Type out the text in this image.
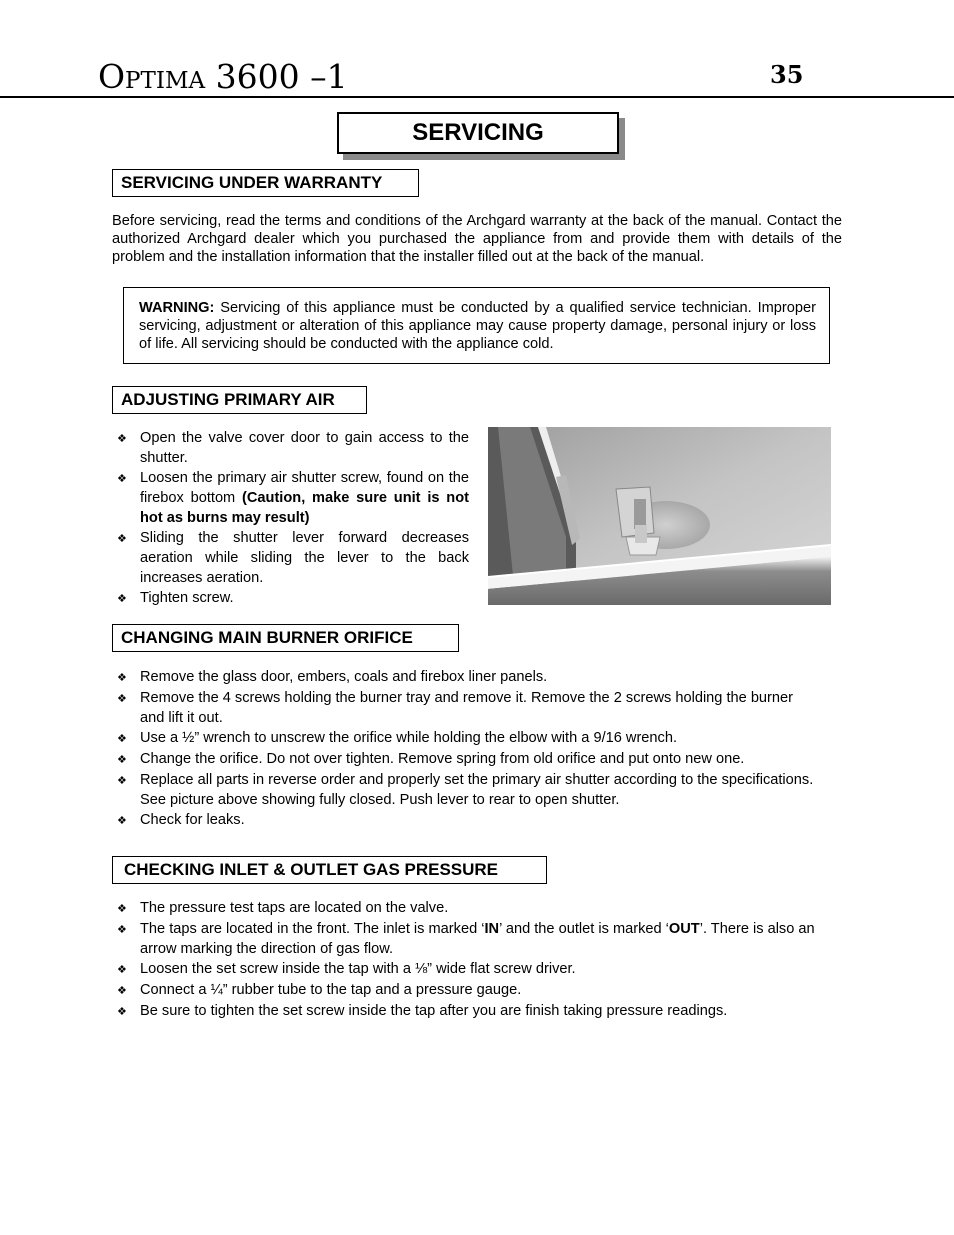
Optima 3600 –1	35
SERVICING
SERVICING UNDER WARRANTY
Before servicing, read the terms and conditions of the Archgard warranty at the back of the manual. Contact the authorized Archgard dealer which you purchased the appliance from and provide them with details of the problem and the installation information that the installer filled out at the back of the manual.
WARNING: Servicing of this appliance must be conducted by a qualified service technician. Improper servicing, adjustment or alteration of this appliance may cause property damage, personal injury or loss of life. All servicing should be conducted with the appliance cold.
ADJUSTING PRIMARY AIR
❖ Open the valve cover door to gain access to the shutter.
❖ Loosen the primary air shutter screw, found on the firebox bottom (Caution, make sure unit is not hot as burns may result)
❖ Sliding the shutter lever forward decreases aeration while sliding the lever to the back increases aeration.
❖ Tighten screw.
CHANGING MAIN BURNER ORIFICE
❖ Remove the glass door, embers, coals and firebox liner panels.
❖ Remove the 4 screws holding the burner tray and remove it. Remove the 2 screws holding the burner and lift it out.
❖ Use a ½” wrench to unscrew the orifice while holding the elbow with a 9/16 wrench.
❖ Change the orifice. Do not over tighten. Remove spring from old orifice and put onto new one.
❖ Replace all parts in reverse order and properly set the primary air shutter according to the specifications. See picture above showing fully closed. Push lever to rear to open shutter.
❖ Check for leaks.
CHECKING INLET & OUTLET GAS PRESSURE
❖ The pressure test taps are located on the valve.
❖ The taps are located in the front. The inlet is marked ‘IN’ and the outlet is marked ‘OUT’. There is also an arrow marking the direction of gas flow.
❖ Loosen the set screw inside the tap with a ⅛” wide flat screw driver.
❖ Connect a ¼” rubber tube to the tap and a pressure gauge.
❖ Be sure to tighten the set screw inside the tap after you are finish taking pressure readings.
